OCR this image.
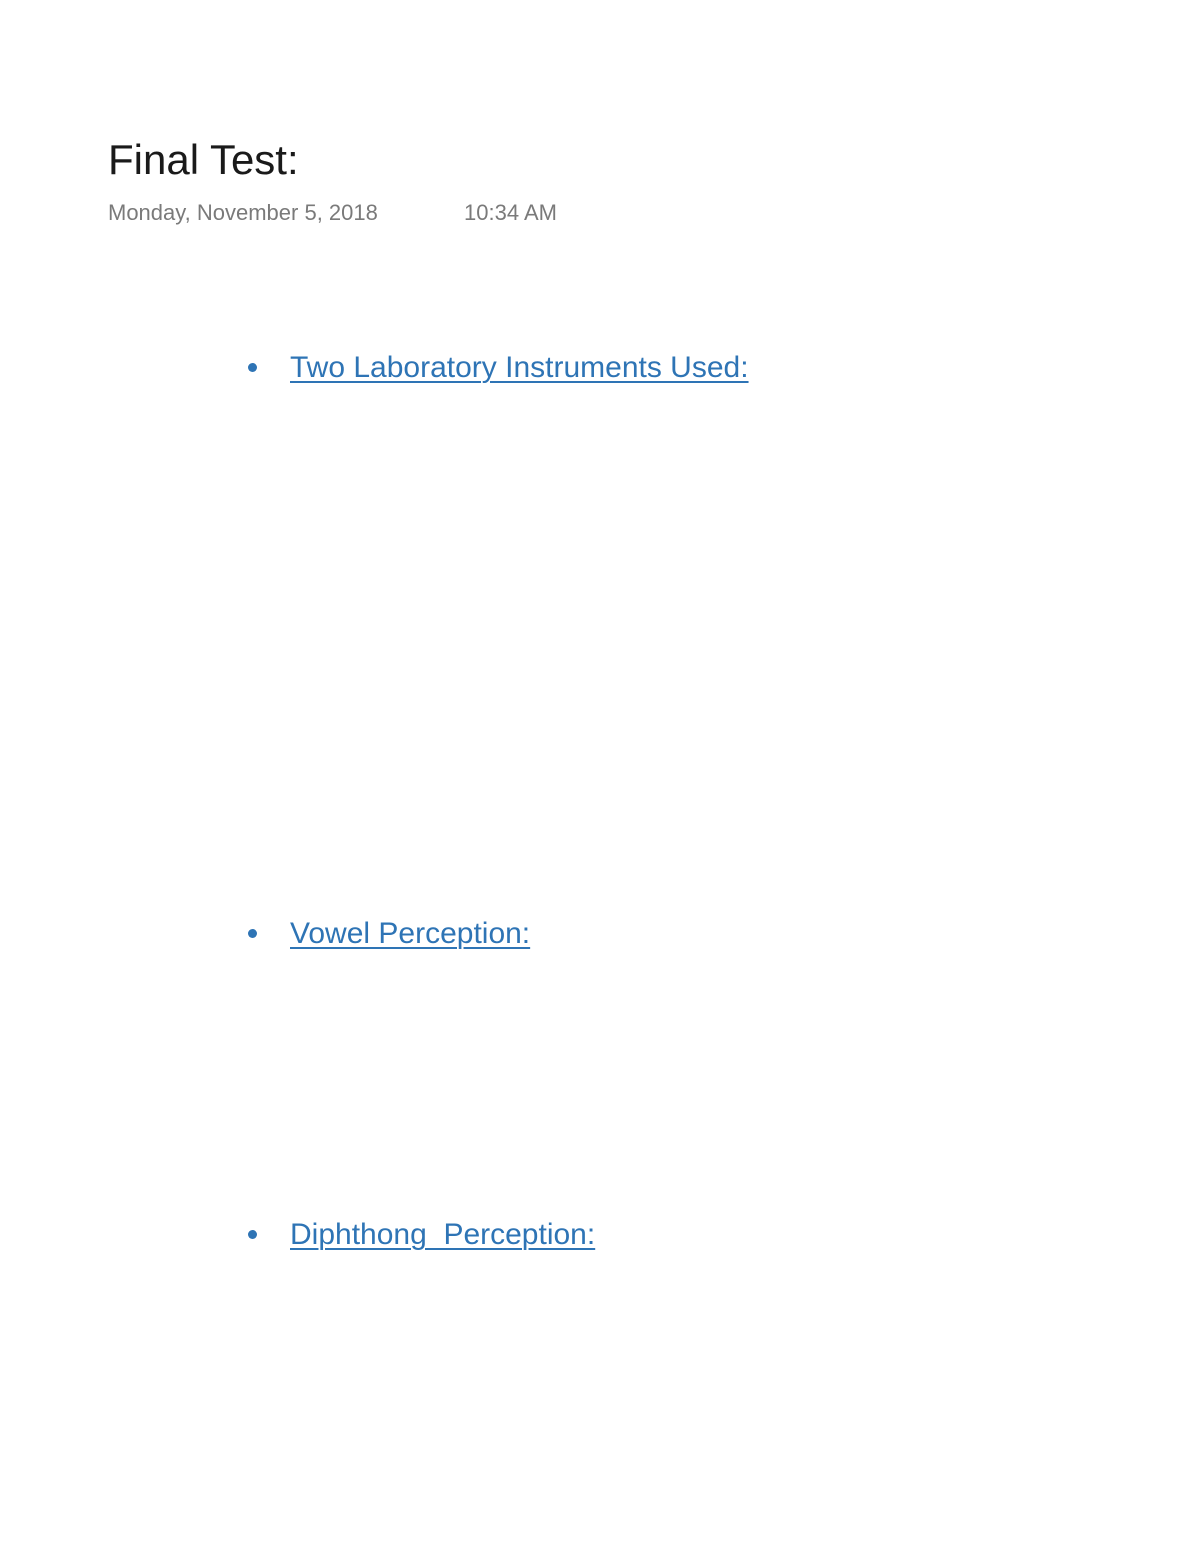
Final Test:
Monday, November 5, 2018	10:34 AM
Two Laboratory Instruments Used:
Vowel Perception:
Diphthong  Perception:
